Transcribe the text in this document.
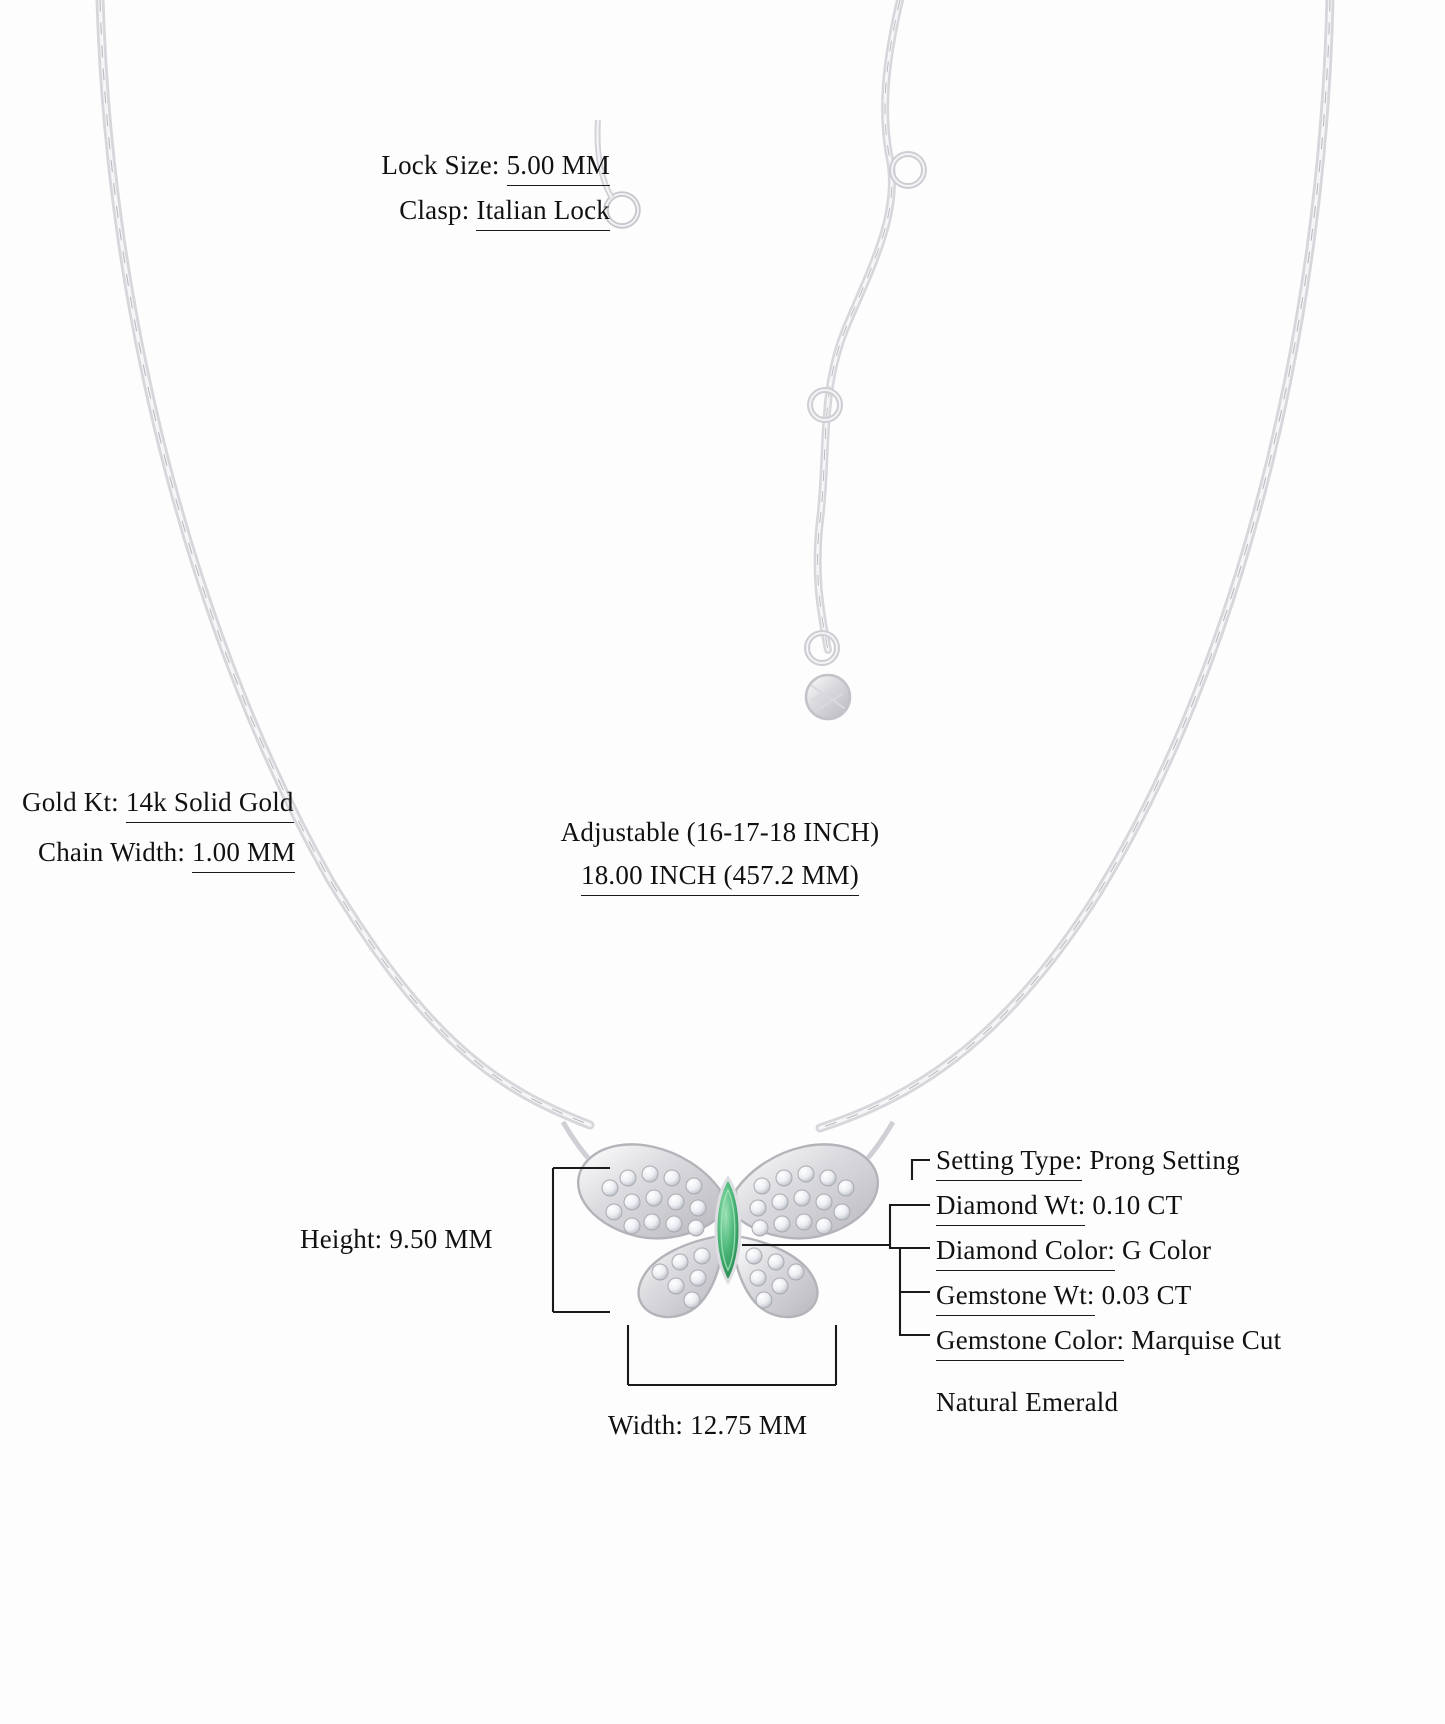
Lock Size: 5.00 MM
Clasp: Italian Lock
Gold Kt: 14k Solid Gold
Chain Width: 1.00 MM
Adjustable (16-17-18 INCH)
18.00 INCH (457.2 MM)
Height: 9.50 MM
Width: 12.75 MM
Setting Type: Prong Setting
Diamond Wt: 0.10 CT
Diamond Color: G Color
Gemstone Wt: 0.03 CT
Gemstone Color: Marquise Cut
Natural Emerald
